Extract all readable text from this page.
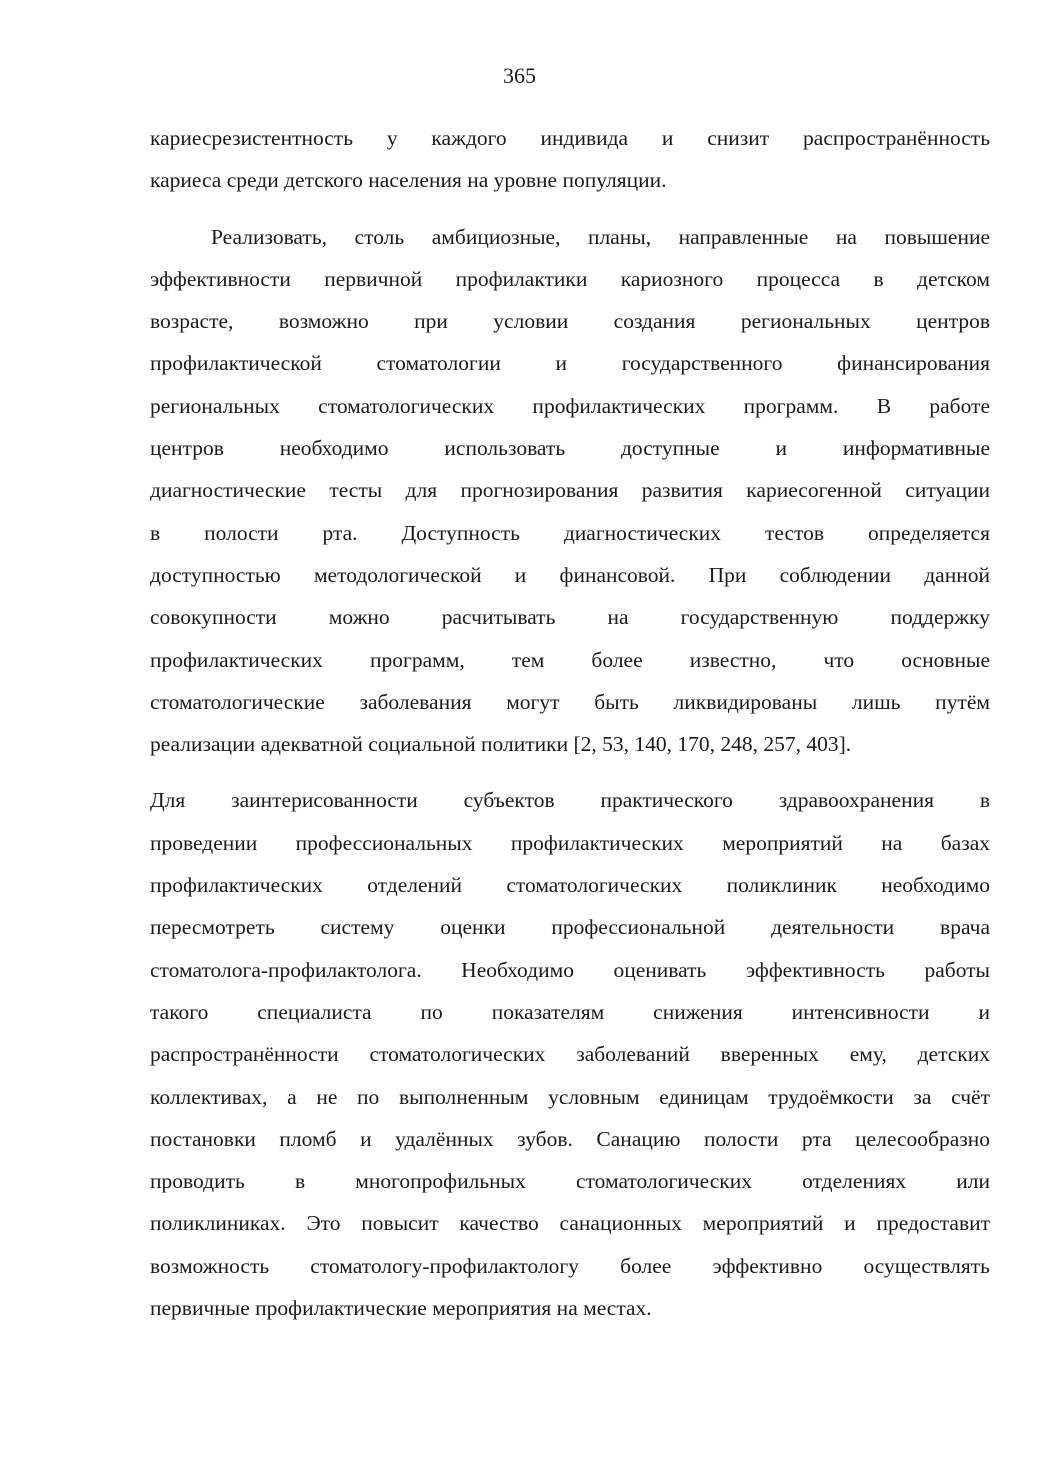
365
кариесрезистентность у каждого индивида и снизит распространённость
кариеса среди детского населения на уровне популяции.
Реализовать, столь амбициозные, планы, направленные на повышение
эффективности первичной профилактики кариозного процесса в детском
возрасте, возможно при условии создания региональных центров
профилактической стоматологии и государственного финансирования
региональных стоматологических профилактических программ. В работе
центров необходимо использовать доступные и информативные
диагностические тесты для прогнозирования развития кариесогенной ситуации
в полости рта. Доступность диагностических тестов определяется
доступностью методологической и финансовой. При соблюдении данной
совокупности можно расчитывать на государственную поддержку
профилактических программ, тем более известно, что основные
стоматологические заболевания могут быть ликвидированы лишь путём
реализации адекватной социальной политики [2, 53, 140, 170, 248, 257, 403].
Для заинтерисованности субъектов практического здравоохранения в
проведении профессиональных профилактических мероприятий на базах
профилактических отделений стоматологических поликлиник необходимо
пересмотреть систему оценки профессиональной деятельности врача
стоматолога-профилактолога. Необходимо оценивать эффективность работы
такого специалиста по показателям снижения интенсивности и
распространённости стоматологических заболеваний вверенных ему, детских
коллективах, а не по выполненным условным единицам трудоёмкости за счёт
постановки пломб и удалённых зубов. Санацию полости рта целесообразно
проводить в многопрофильных стоматологических отделениях или
поликлиниках. Это повысит качество санационных мероприятий и предоставит
возможность стоматологу-профилактологу более эффективно осуществлять
первичные профилактические мероприятия на местах.
